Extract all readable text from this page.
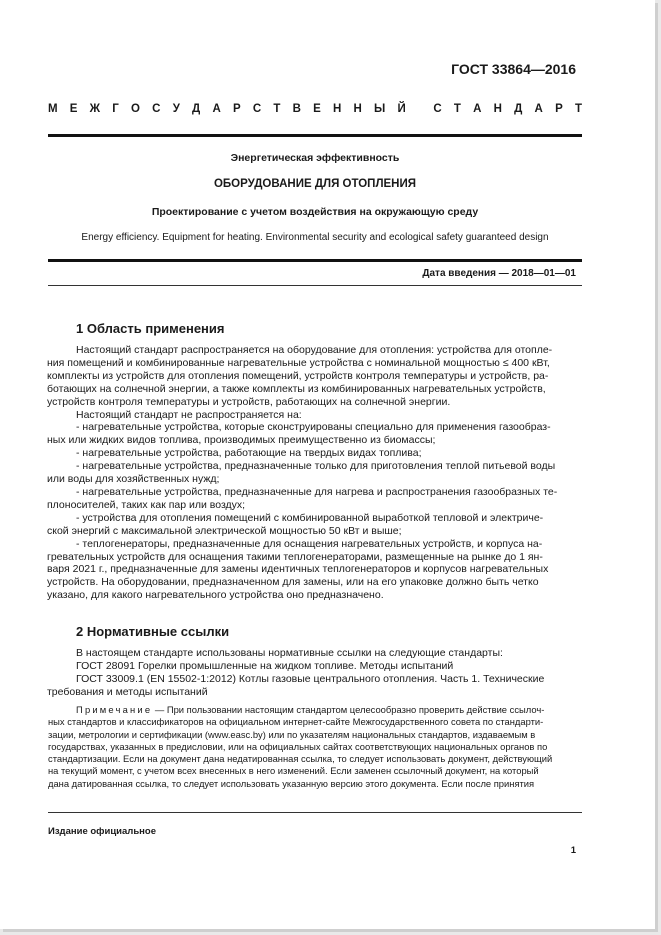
ГОСТ 33864—2016
М Е Ж Г О С У Д А Р С Т В Е Н Н Ы Й
С Т А Н Д А Р Т
Энергетическая эффективность
ОБОРУДОВАНИЕ ДЛЯ ОТОПЛЕНИЯ
Проектирование с учетом воздействия на окружающую среду
Energy efficiency. Equipment for heating. Environmental security and ecological safety guaranteed design
Дата введения — 2018—01—01
1 Область применения
Настоящий стандарт распространяется на оборудование для отопления: устройства для отопле-
ния помещений и комбинированные нагревательные устройства с номинальной мощностью ≤ 400 кВт,
комплекты из устройств для отопления помещений, устройств контроля температуры и устройств, ра-
ботающих на солнечной энергии, а также комплекты из комбинированных нагревательных устройств,
устройств контроля температуры и устройств, работающих на солнечной энергии.
Настоящий стандарт не распространяется на:
- нагревательные устройства, которые сконструированы специально для применения газообраз-
ных или жидких видов топлива, производимых преимущественно из биомассы;
- нагревательные устройства, работающие на твердых видах топлива;
- нагревательные устройства, предназначенные только для приготовления теплой питьевой воды
или воды для хозяйственных нужд;
- нагревательные устройства, предназначенные для нагрева и распространения газообразных те-
плоносителей, таких как пар или воздух;
- устройства для отопления помещений с комбинированной выработкой тепловой и электриче-
ской энергий с максимальной электрической мощностью 50 кВт и выше;
- теплогенераторы, предназначенные для оснащения нагревательных устройств, и корпуса на-
гревательных устройств для оснащения такими теплогенераторами, размещенные на рынке до 1 ян-
варя 2021 г., предназначенные для замены идентичных теплогенераторов и корпусов нагревательных
устройств. На оборудовании, предназначенном для замены, или на его упаковке должно быть четко
указано, для какого нагревательного устройства оно предназначено.
2 Нормативные ссылки
В настоящем стандарте использованы нормативные ссылки на следующие стандарты:
ГОСТ 28091 Горелки промышленные на жидком топливе. Методы испытаний
ГОСТ 33009.1 (EN 15502-1:2012) Котлы газовые центрального отопления. Часть 1. Технические
требования и методы испытаний
Примечание — При пользовании настоящим стандартом целесообразно проверить действие ссылоч-
ных стандартов и классификаторов на официальном интернет-сайте Межгосударственного совета по стандарти-
зации, метрологии и сертификации (www.easc.by) или по указателям национальных стандартов, издаваемым в
государствах, указанных в предисловии, или на официальных сайтах соответствующих национальных органов по
стандартизации. Если на документ дана недатированная ссылка, то следует использовать документ, действующий
на текущий момент, с учетом всех внесенных в него изменений. Если заменен ссылочный документ, на который
дана датированная ссылка, то следует использовать указанную версию этого документа. Если после принятия
Издание официальное
1
